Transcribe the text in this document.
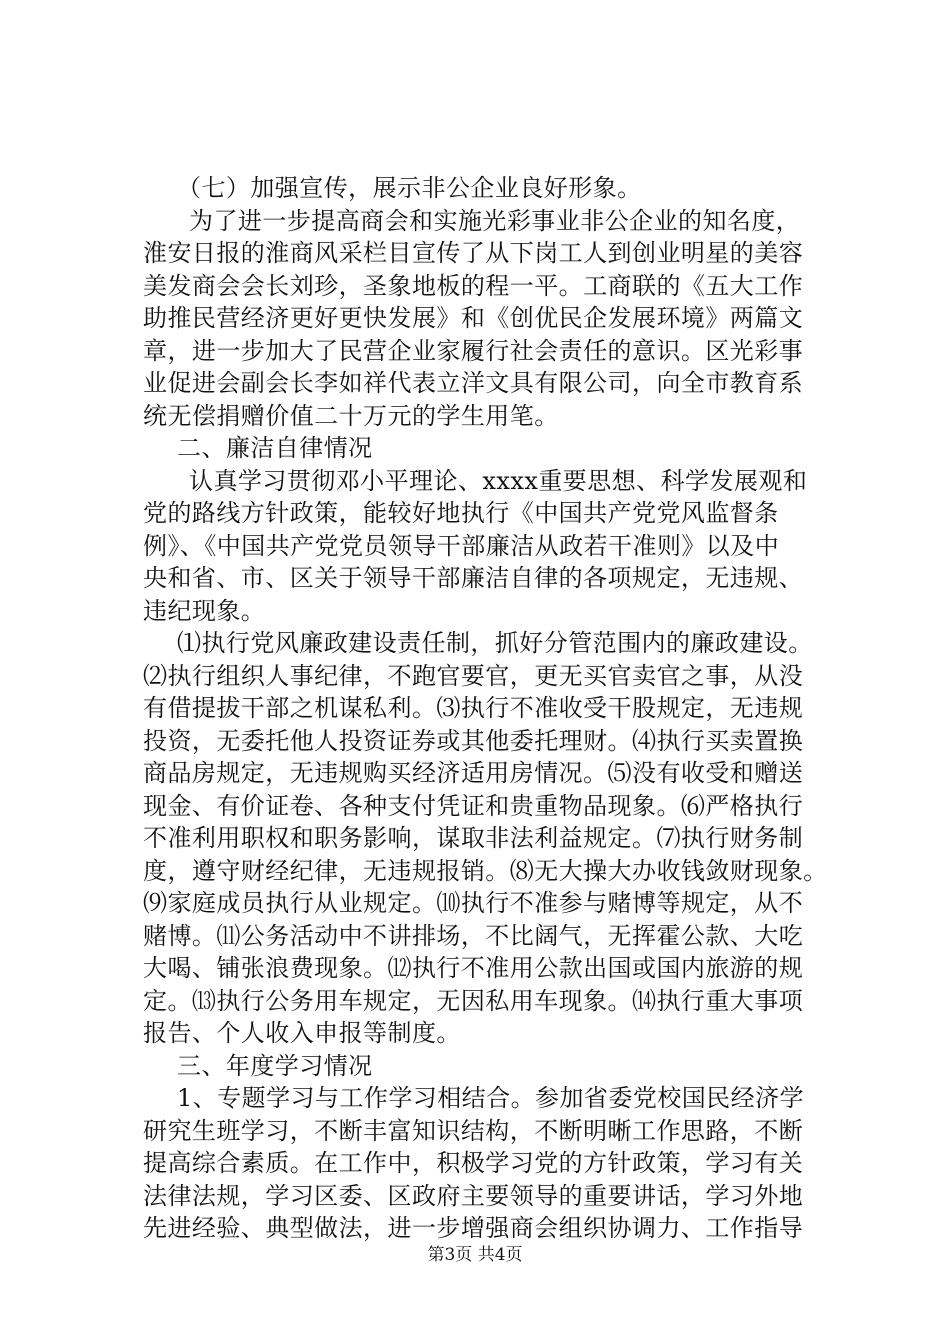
（七）加强宣传，展示非公企业良好形象。
为了进一步提高商会和实施光彩事业非公企业的知名度，
淮安日报的淮商风采栏目宣传了从下岗工人到创业明星的美容
美发商会会长刘珍，圣象地板的程一平。工商联的《五大工作
助推民营经济更好更快发展》和《创优民企发展环境》两篇文
章，进一步加大了民营企业家履行社会责任的意识。区光彩事
业促进会副会长李如祥代表立洋文具有限公司，向全市教育系
统无偿捐赠价值二十万元的学生用笔。
二、廉洁自律情况
认真学习贯彻邓小平理论、xxxx重要思想、科学发展观和
党的路线方针政策，能较好地执行《中国共产党党风监督条
例》、《中国共产党党员领导干部廉洁从政若干准则》以及中
央和省、市、区关于领导干部廉洁自律的各项规定，无违规、
违纪现象。
⑴执行党风廉政建设责任制，抓好分管范围内的廉政建设。
⑵执行组织人事纪律，不跑官要官，更无买官卖官之事，从没
有借提拔干部之机谋私利。⑶执行不准收受干股规定，无违规
投资，无委托他人投资证券或其他委托理财。⑷执行买卖置换
商品房规定，无违规购买经济适用房情况。⑸没有收受和赠送
现金、有价证卷、各种支付凭证和贵重物品现象。⑹严格执行
不准利用职权和职务影响，谋取非法利益规定。⑺执行财务制
度，遵守财经纪律，无违规报销。⑻无大操大办收钱敛财现象。
⑼家庭成员执行从业规定。⑽执行不准参与赌博等规定，从不
赌博。⑾公务活动中不讲排场，不比阔气，无挥霍公款、大吃
大喝、铺张浪费现象。⑿执行不准用公款出国或国内旅游的规
定。⒀执行公务用车规定，无因私用车现象。⒁执行重大事项
报告、个人收入申报等制度。
三、年度学习情况
1、专题学习与工作学习相结合。参加省委党校国民经济学
研究生班学习，不断丰富知识结构，不断明晰工作思路，不断
提高综合素质。在工作中，积极学习党的方针政策，学习有关
法律法规，学习区委、区政府主要领导的重要讲话，学习外地
先进经验、典型做法，进一步增强商会组织协调力、工作指导
第3页 共4页
